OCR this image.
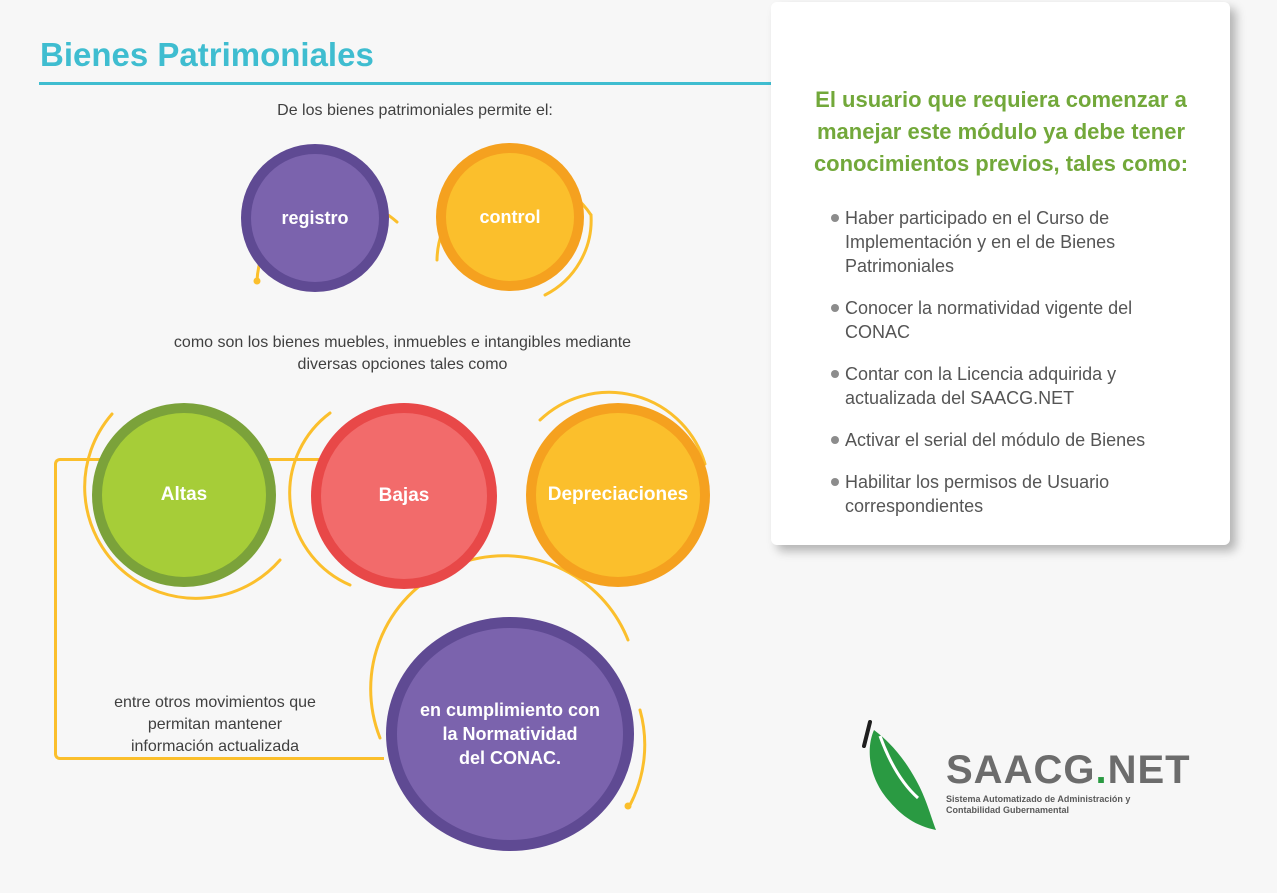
Bienes Patrimoniales
De los bienes patrimoniales permite el:
registro	control
como son los bienes muebles, inmuebles e intangibles mediante
diversas opciones tales como
Altas	Bajas	Depreciaciones
entre otros movimientos que
permitan mantener
información actualizada
en cumplimiento con
la Normatividad
del CONAC.
El usuario que requiera comenzar a
manejar este módulo ya debe tener
conocimientos previos, tales como:
Haber participado en el Curso de Implementación y en el de Bienes Patrimoniales
Conocer la normatividad vigente del CONAC
Contar con la Licencia adquirida y actualizada del SAACG.NET
Activar el serial del módulo de Bienes
Habilitar los permisos de Usuario correspondientes
SAACG.NET
Sistema Automatizado de Administración y
Contabilidad Gubernamental
